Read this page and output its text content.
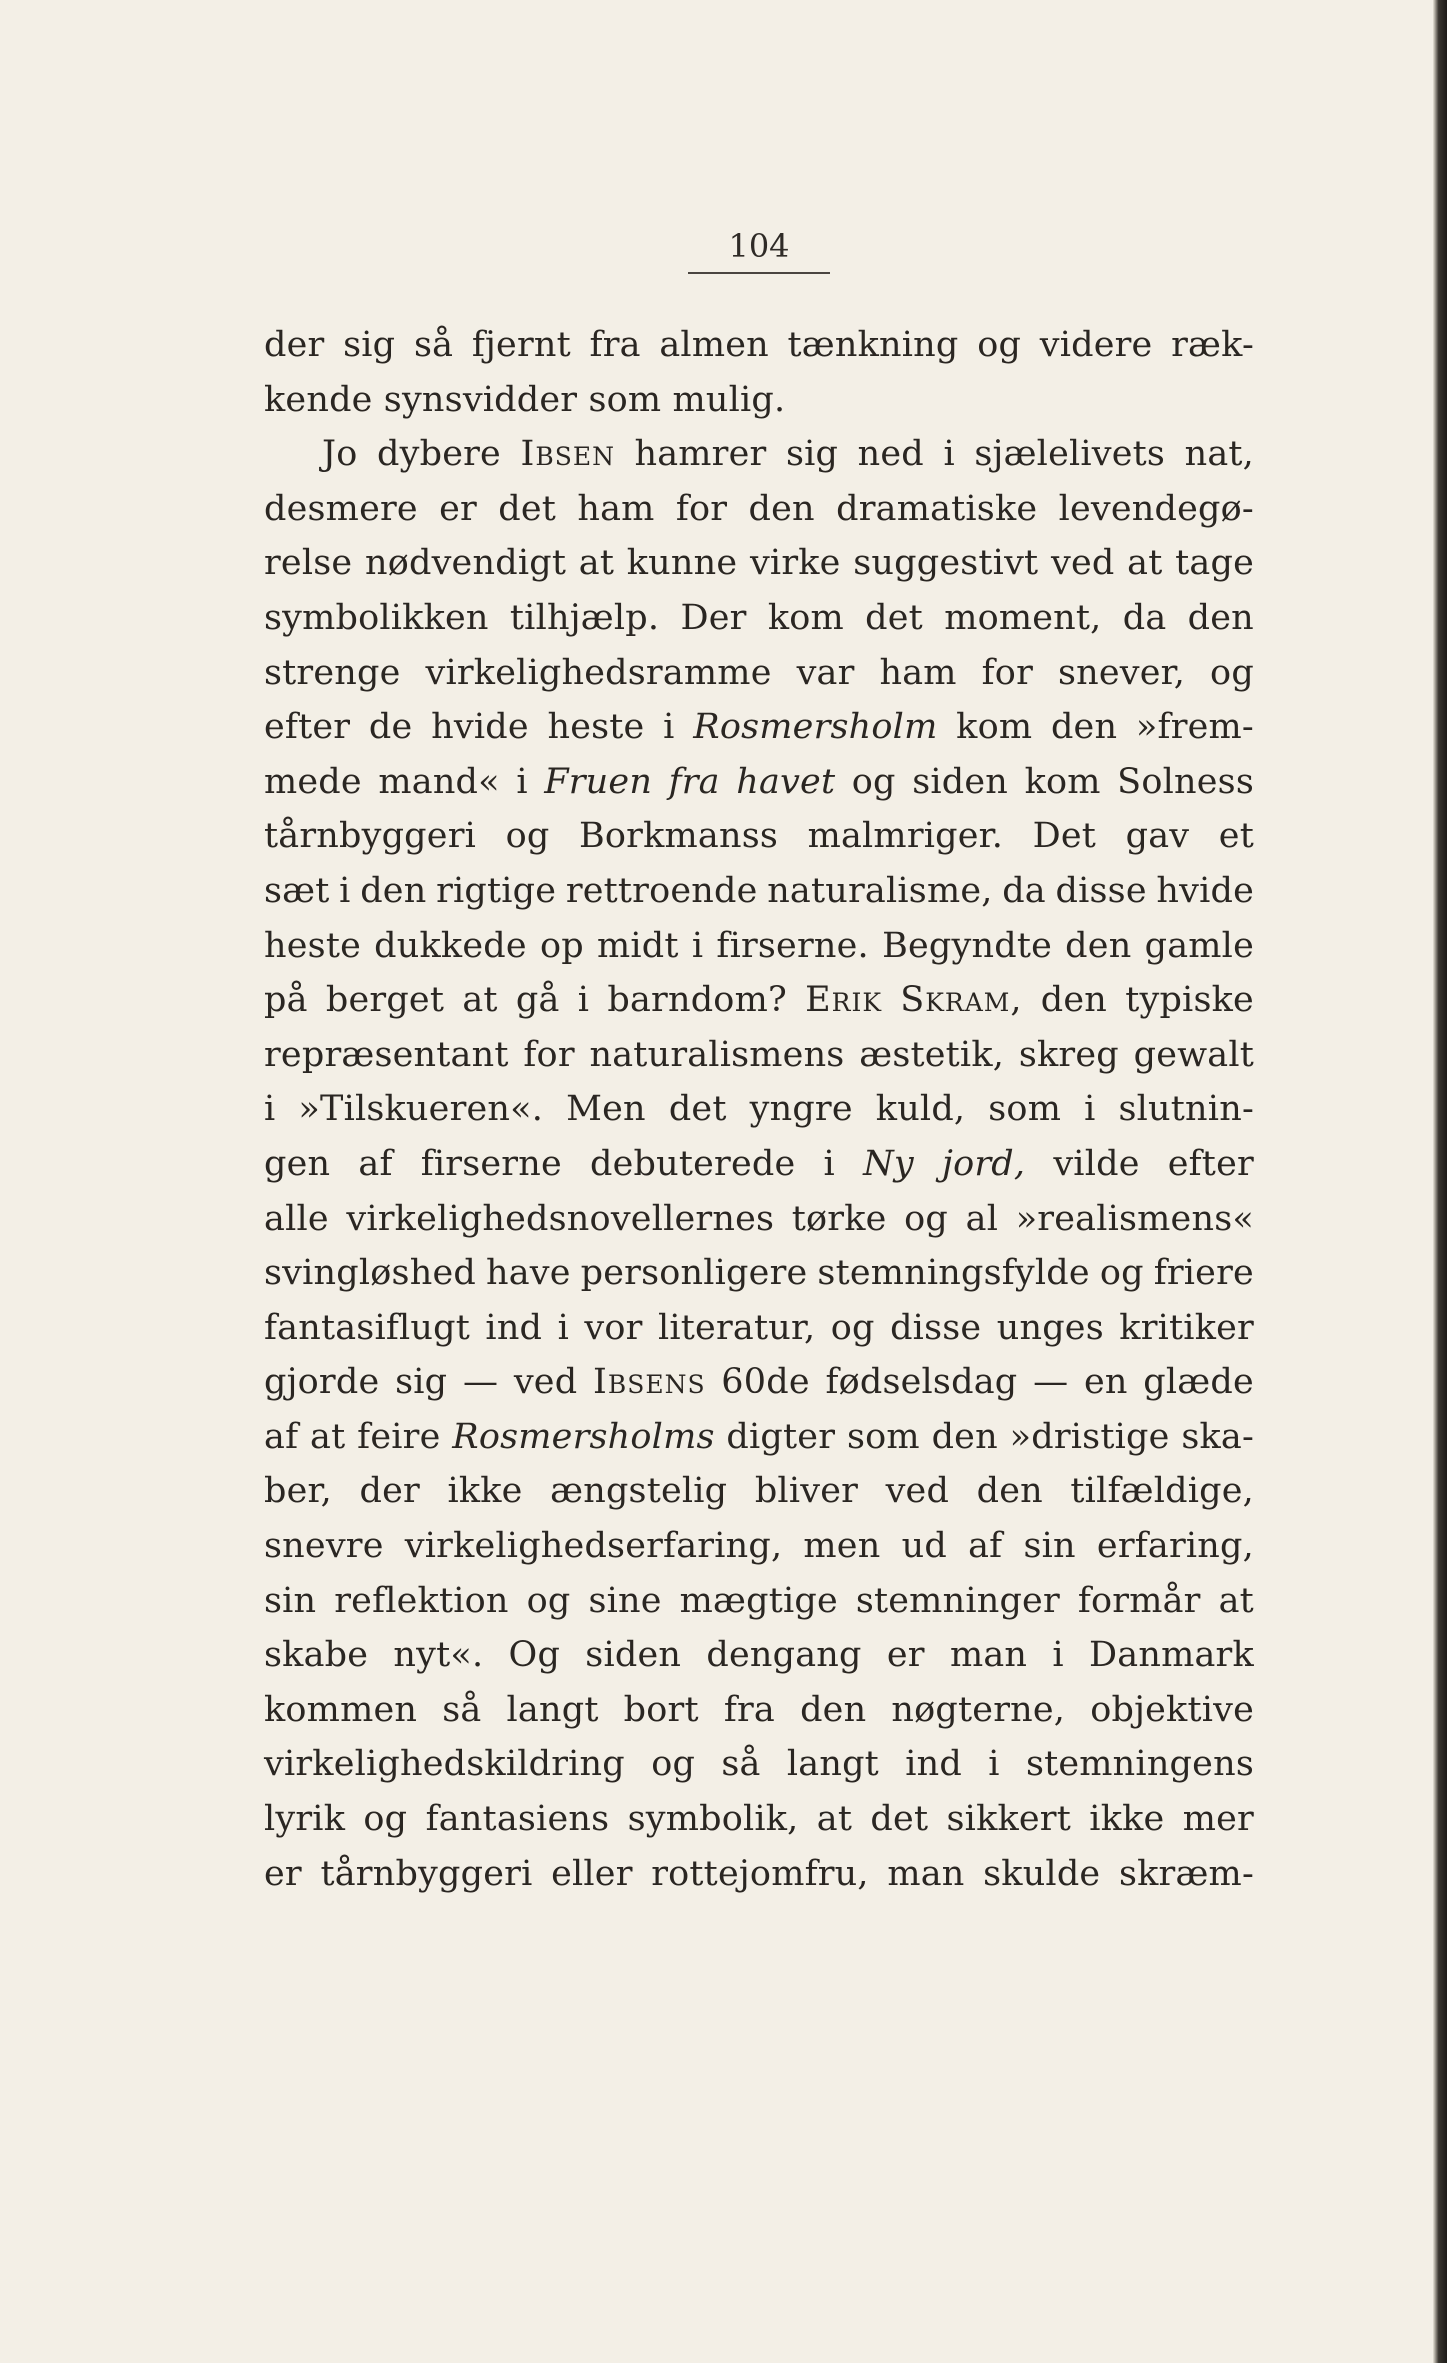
104
der sig så fjernt fra almen tænkning og videre ræk-
kende synsvidder som mulig.
Jo dybere Ibsen hamrer sig ned i sjælelivets nat,
desmere er det ham for den dramatiske levendegø-
relse nødvendigt at kunne virke suggestivt ved at tage
symbolikken tilhjælp. Der kom det moment, da den
strenge virkelighedsramme var ham for snever, og
efter de hvide heste i Rosmersholm kom den »frem-
mede mand« i Fruen fra havet og siden kom Solness
tårnbyggeri og Borkmanss malmriger. Det gav et
sæt i den rigtige rettroende naturalisme, da disse hvide
heste dukkede op midt i firserne. Begyndte den gamle
på berget at gå i barndom? Erik Skram, den typiske
repræsentant for naturalismens æstetik, skreg gewalt
i »Tilskueren«. Men det yngre kuld, som i slutnin-
gen af firserne debuterede i Ny jord, vilde efter
alle virkelighedsnovellernes tørke og al »realismens«
svingløshed have personligere stemningsfylde og friere
fantasiflugt ind i vor literatur, og disse unges kritiker
gjorde sig — ved Ibsens 60de fødselsdag — en glæde
af at feire Rosmersholms digter som den »dristige ska-
ber, der ikke ængstelig bliver ved den tilfældige,
snevre virkelighedserfaring, men ud af sin erfaring,
sin reflektion og sine mægtige stemninger formår at
skabe nyt«. Og siden dengang er man i Danmark
kommen så langt bort fra den nøgterne, objektive
virkelighedskildring og så langt ind i stemningens
lyrik og fantasiens symbolik, at det sikkert ikke mer
er tårnbyggeri eller rottejomfru, man skulde skræm-
